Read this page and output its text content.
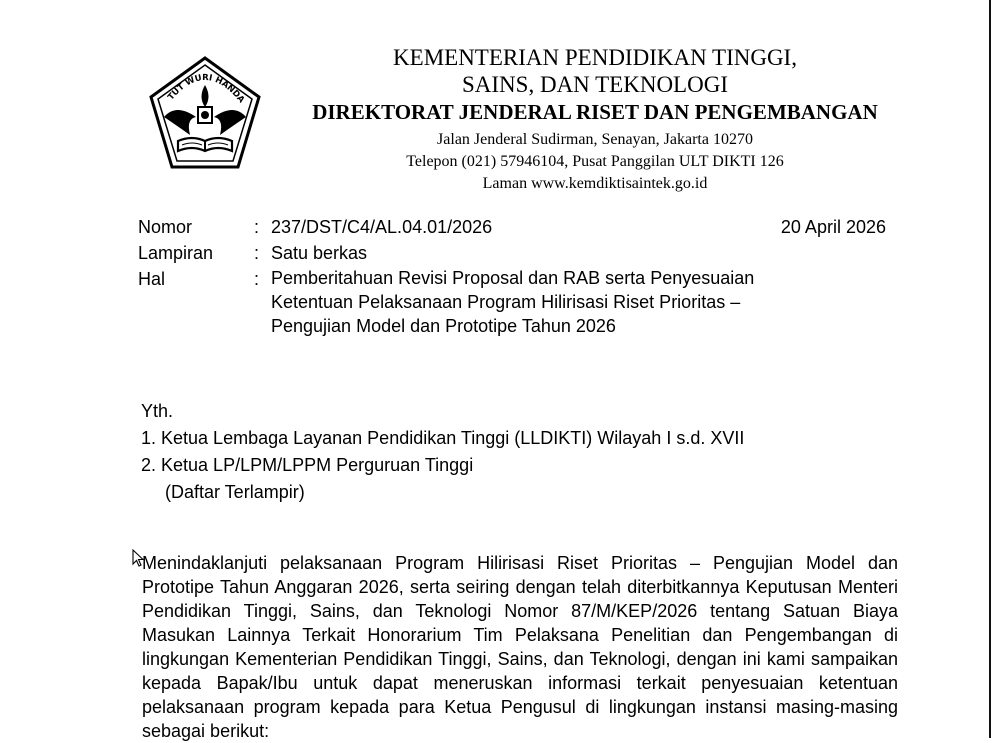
TUT WURI HANDA
KEMENTERIAN PENDIDIKAN TINGGI,
SAINS, DAN TEKNOLOGI
DIREKTORAT JENDERAL RISET DAN PENGEMBANGAN
Jalan Jenderal Sudirman, Senayan, Jakarta 10270
Telepon (021) 57946104, Pusat Panggilan ULT DIKTI 126
Laman www.kemdiktisaintek.go.id
Nomor	: 237/DST/C4/AL.04.01/2026	20 April 2026
Lampiran : Satu berkas
Hal	: Pemberitahuan Revisi Proposal dan RAB serta Penyesuaian
Ketentuan Pelaksanaan Program Hilirisasi Riset Prioritas –
Pengujian Model dan Prototipe Tahun 2026
Yth.
1. Ketua Lembaga Layanan Pendidikan Tinggi (LLDIKTI) Wilayah I s.d. XVII
2. Ketua LP/LPM/LPPM Perguruan Tinggi
(Daftar Terlampir)
Menindaklanjuti pelaksanaan Program Hilirisasi Riset Prioritas – Pengujian Model dan Prototipe Tahun Anggaran 2026, serta seiring dengan telah diterbitkannya Keputusan Menteri Pendidikan Tinggi, Sains, dan Teknologi Nomor 87/M/KEP/2026 tentang Satuan Biaya Masukan Lainnya Terkait Honorarium Tim Pelaksana Penelitian dan Pengembangan di lingkungan Kementerian Pendidikan Tinggi, Sains, dan Teknologi, dengan ini kami sampaikan kepada Bapak/Ibu untuk dapat meneruskan informasi terkait penyesuaian ketentuan pelaksanaan program kepada para Ketua Pengusul di lingkungan instansi masing-masing sebagai berikut:
